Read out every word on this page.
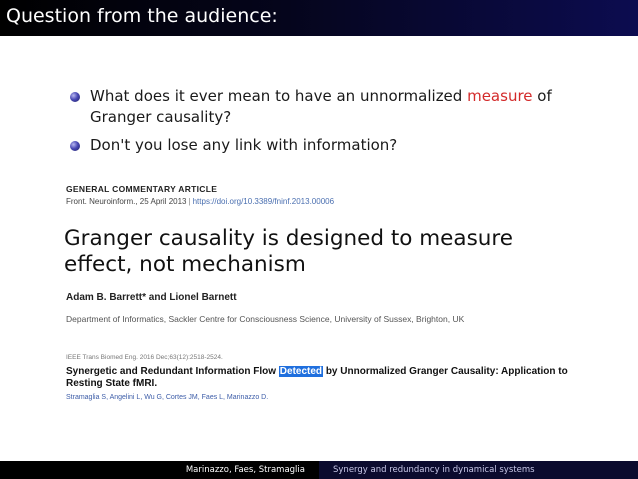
Question from the audience:
What does it ever mean to have an unnormalized measure of
Granger causality?
Don't you lose any link with information?
GENERAL COMMENTARY ARTICLE
Front. Neuroinform., 25 April 2013 | https://doi.org/10.3389/fninf.2013.00006
Granger causality is designed to measure
effect, not mechanism
Adam B. Barrett* and Lionel Barnett
Department of Informatics, Sackler Centre for Consciousness Science, University of Sussex, Brighton, UK
IEEE Trans Biomed Eng. 2016 Dec;63(12):2518-2524.
Synergetic and Redundant Information Flow Detected by Unnormalized Granger Causality: Application to
Resting State fMRI.
Stramaglia S, Angelini L, Wu G, Cortes JM, Faes L, Marinazzo D.
Marinazzo, Faes, Stramaglia	Synergy and redundancy in dynamical systems
